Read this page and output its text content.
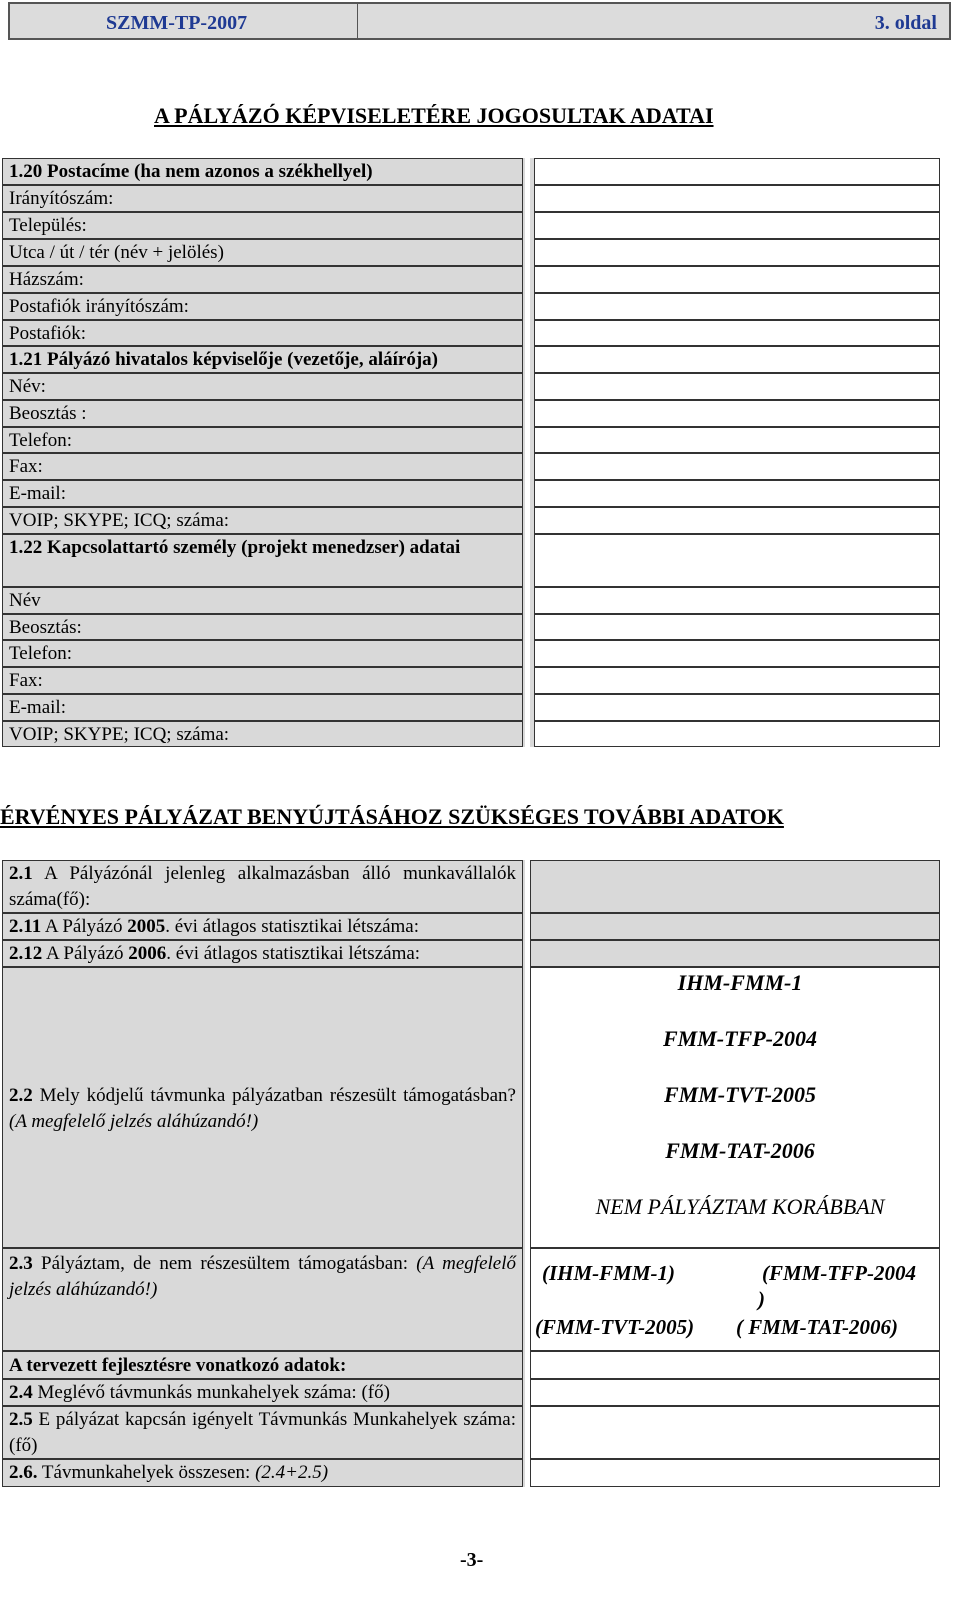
SZMM-TP-2007	3. oldal
A PÁLYÁZÓ KÉPVISELETÉRE JOGOSULTAK ADATAI
1.20 Postacíme (ha nem azonos a székhellyel)
Irányítószám:
Település:
Utca / út / tér (név + jelölés)
Házszám:
Postafiók irányítószám:
Postafiók:
1.21 Pályázó hivatalos képviselője (vezetője, aláírója)
Név:
Beosztás :
Telefon:
Fax:
E-mail:
VOIP; SKYPE; ICQ; száma:
1.22 Kapcsolattartó személy (projekt menedzser) adatai
Név
Beosztás:
Telefon:
Fax:
E-mail:
VOIP; SKYPE; ICQ; száma:
ÉRVÉNYES PÁLYÁZAT BENYÚJTÁSÁHOZ SZÜKSÉGES TOVÁBBI ADATOK
2.1 A Pályázónál jelenleg alkalmazásban álló munkavállalók száma(fő):
2.11 A Pályázó 2005. évi átlagos statisztikai létszáma:
2.12 A Pályázó 2006. évi átlagos statisztikai létszáma:
2.2 Mely kódjelű távmunka pályázatban részesült támogatásban? (A megfelelő jelzés aláhúzandó!)
IHM-FMM-1
FMM-TFP-2004
FMM-TVT-2005
FMM-TAT-2006
NEM PÁLYÁZTAM KORÁBBAN
2.3 Pályáztam, de nem részesültem támogatásban: (A megfelelő jelzés aláhúzandó!)
(IHM-FMM-1)	(FMM-TFP-2004
)
(FMM-TVT-2005) ( FMM-TAT-2006)
A tervezett fejlesztésre vonatkozó adatok:
2.4 Meglévő távmunkás munkahelyek száma: (fő)
2.5 E pályázat kapcsán igényelt Távmunkás Munkahelyek száma: (fő)
2.6. Távmunkahelyek összesen: (2.4+2.5)
-3-
